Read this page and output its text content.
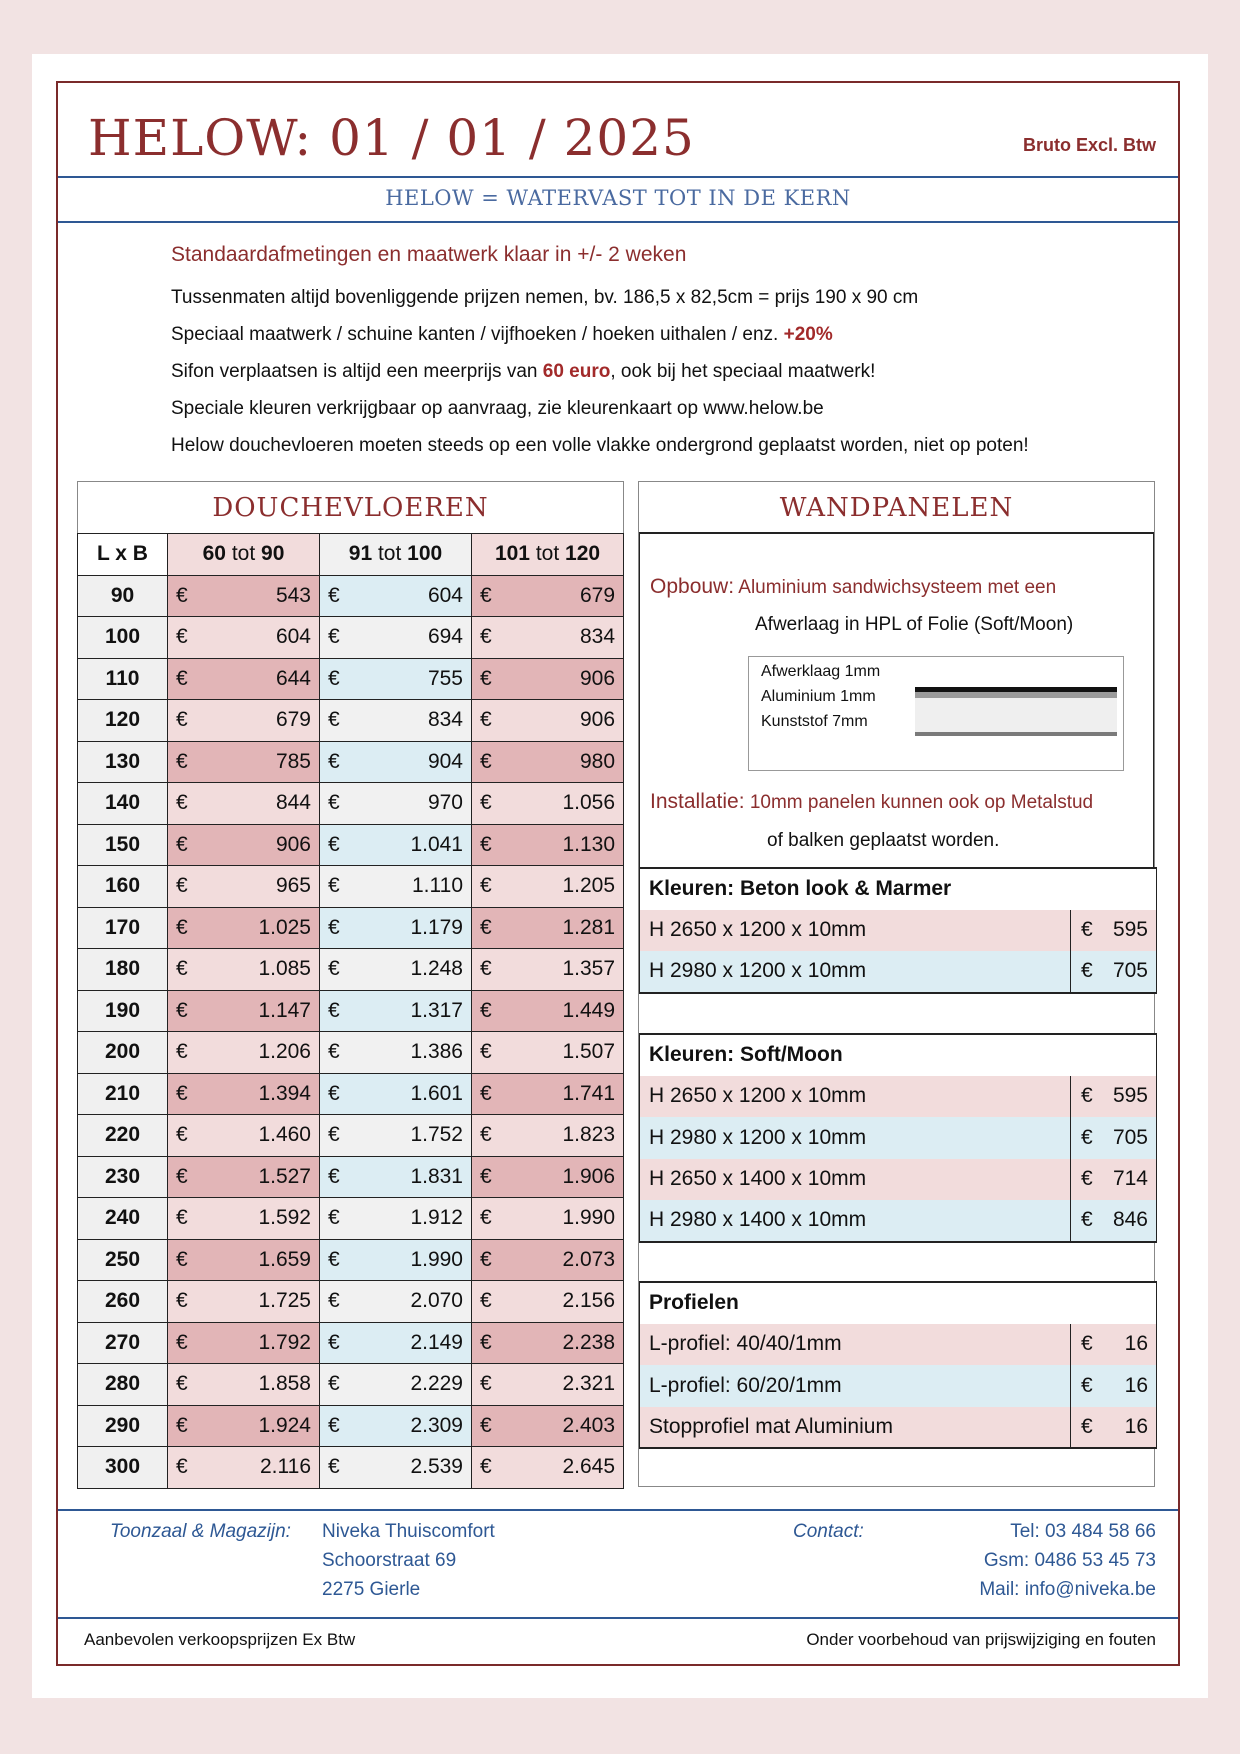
HELOW: 01 / 01 / 2025	Bruto Excl. Btw
HELOW = WATERVAST TOT IN DE KERN
Standaardafmetingen en maatwerk klaar in +/- 2 weken
Tussenmaten altijd bovenliggende prijzen nemen, bv. 186,5 x 82,5cm = prijs 190 x 90 cm
Speciaal maatwerk / schuine kanten / vijfhoeken / hoeken uithalen / enz. +20%
Sifon verplaatsen is altijd een meerprijs van 60 euro, ook bij het speciaal maatwerk!
Speciale kleuren verkrijgbaar op aanvraag, zie kleurenkaart op www.helow.be
Helow douchevloeren moeten steeds op een volle vlakke ondergrond geplaatst worden, niet op poten!
DOUCHEVLOEREN			
L x B	60 tot 90	91 tot 100	101 tot 120
90	€ 543	€ 604	€ 679

100	€ 604	€ 694	€ 834

110	€ 644	€ 755	€ 906

120	€ 679	€ 834	€ 906

130	€ 785	€ 904	€ 980

140	€ 844	€ 970	€ 1.056

150	€ 906	€ 1.041	€ 1.130

160	€ 965	€ 1.110	€ 1.205

170	€ 1.025	€ 1.179	€ 1.281

180	€ 1.085	€ 1.248	€ 1.357

190	€ 1.147	€ 1.317	€ 1.449

200	€ 1.206	€ 1.386	€ 1.507

210	€ 1.394	€ 1.601	€ 1.741

220	€ 1.460	€ 1.752	€ 1.823

230	€ 1.527	€ 1.831	€ 1.906

240	€ 1.592	€ 1.912	€ 1.990

250	€ 1.659	€ 1.990	€ 2.073

260	€ 1.725	€ 2.070	€ 2.156

270	€ 1.792	€ 2.149	€ 2.238

280	€ 1.858	€ 2.229	€ 2.321

290	€ 1.924	€ 2.309	€ 2.403

300	€ 2.116	€ 2.539	€ 2.645
WANDPANELEN
Opbouw: Aluminium sandwichsysteem met een
Afwerlaag in HPL of Folie (Soft/Moon)
Afwerklaag 1mm
Aluminium 1mm
Kunststof 7mm
Installatie: 10mm panelen kunnen ook op Metalstud
of balken geplaatst worden.
Kleuren: Beton look & Marmer	
H 2650 x 1200 x 10mm	€ 595

H 2980 x 1200 x 10mm	€ 705
Kleuren: Soft/Moon	
H 2650 x 1200 x 10mm	€ 595

H 2980 x 1200 x 10mm	€ 705

H 2650 x 1400 x 10mm	€ 714

H 2980 x 1400 x 10mm	€ 846
Profielen	
L-profiel: 40/40/1mm	€ 16

L-profiel: 60/20/1mm	€ 16

Stopprofiel mat Aluminium	€ 16
Toonzaal & Magazijn: Niveka Thuiscomfort
Schoorstraat 69
2275 Gierle
Contact:	Tel: 03 484 58 66
Gsm: 0486 53 45 73
Mail: info@niveka.be
Aanbevolen verkoopsprijzen Ex Btw	Onder voorbehoud van prijswijziging en fouten
